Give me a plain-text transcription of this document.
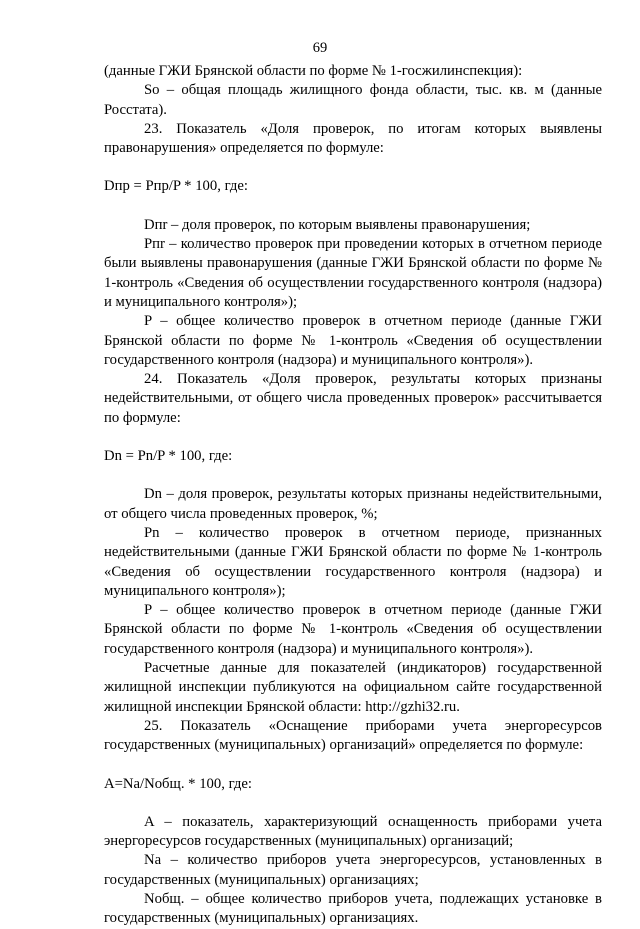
69

(данные ГЖИ Брянской области по форме № 1-госжилинспекция):

So – общая площадь жилищного фонда области, тыс. кв. м (данные Росстата).

23. Показатель «Доля проверок, по итогам которых выявлены правонарушения» определяется по формуле:

Dпр = Pпр/P * 100, где:

Dпr – доля проверок, по которым выявлены правонарушения;

Pпr – количество проверок при проведении которых в отчетном периоде были выявлены правонарушения (данные ГЖИ Брянской области по форме № 1-контроль «Сведения об осуществлении государственного контроля (надзора) и муниципального контроля»);

P – общее количество проверок в отчетном периоде (данные ГЖИ Брянской области по форме № 1-контроль «Сведения об осуществлении государственного контроля (надзора) и муниципального контроля»).

24. Показатель «Доля проверок, результаты которых признаны недействительными, от общего числа проведенных проверок» рассчитывается по формуле:

Dn = Pn/P * 100, где:

Dn – доля проверок, результаты которых признаны недействительными, от общего числа проведенных проверок, %;

Pn – количество проверок в отчетном периоде, признанных недействительными (данные ГЖИ Брянской области по форме № 1-контроль «Сведения об осуществлении государственного контроля (надзора) и муниципального контроля»);

P – общее количество проверок в отчетном периоде (данные ГЖИ Брянской области по форме № 1-контроль «Сведения об осуществлении государственного контроля (надзора) и муниципального контроля»).

Расчетные данные для показателей (индикаторов) государственной жилищной инспекции публикуются на официальном сайте государственной жилищной инспекции Брянской области: http://gzhi32.ru.

25. Показатель «Оснащение приборами учета энергоресурсов государственных (муниципальных) организаций» определяется по формуле:

A=Na/Nобщ. * 100, где:

A – показатель, характеризующий оснащенность приборами учета энергоресурсов государственных (муниципальных) организаций;

Na – количество приборов учета энергоресурсов, установленных в государственных (муниципальных) организациях;

Nобщ. – общее количество приборов учета, подлежащих установке в государственных (муниципальных) организациях.
